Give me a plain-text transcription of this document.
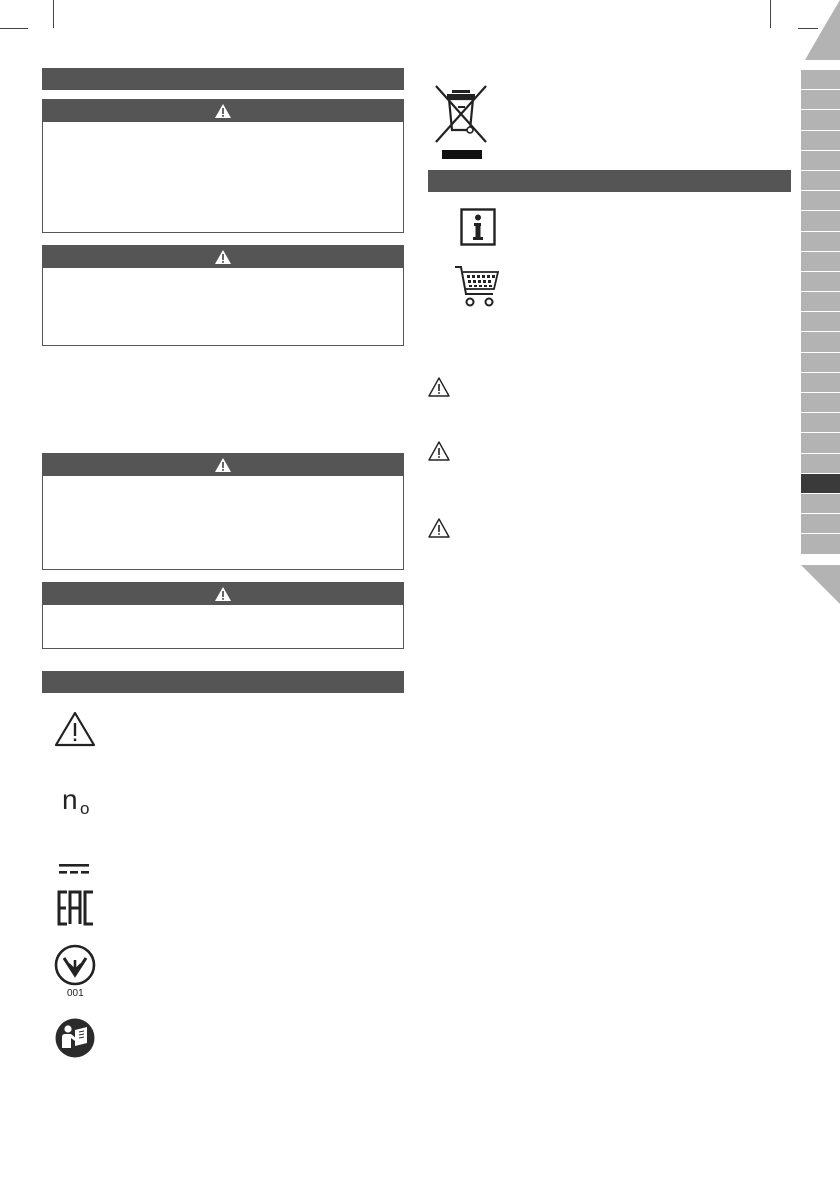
n o
001
